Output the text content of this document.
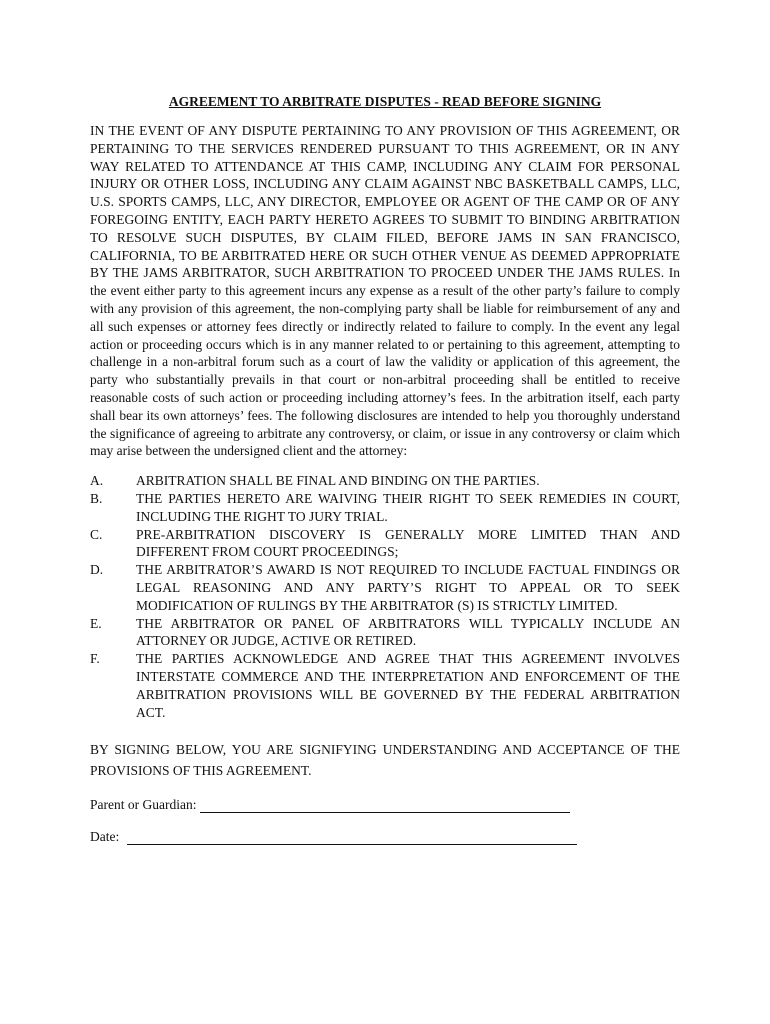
AGREEMENT TO ARBITRATE DISPUTES - READ BEFORE SIGNING

IN THE EVENT OF ANY DISPUTE PERTAINING TO ANY PROVISION OF THIS AGREEMENT, OR PERTAINING TO THE SERVICES RENDERED PURSUANT TO THIS AGREEMENT, OR IN ANY WAY RELATED TO ATTENDANCE AT THIS CAMP, INCLUDING ANY CLAIM FOR PERSONAL INJURY OR OTHER LOSS, INCLUDING ANY CLAIM AGAINST NBC BASKETBALL CAMPS, LLC, U.S. SPORTS CAMPS, LLC, ANY DIRECTOR, EMPLOYEE OR AGENT OF THE CAMP OR OF ANY FOREGOING ENTITY, EACH PARTY HERETO AGREES TO SUBMIT TO BINDING ARBITRATION TO RESOLVE SUCH DISPUTES, BY CLAIM FILED, BEFORE JAMS IN SAN FRANCISCO, CALIFORNIA, TO BE ARBITRATED HERE OR SUCH OTHER VENUE AS DEEMED APPROPRIATE BY THE JAMS ARBITRATOR, SUCH ARBITRATION TO PROCEED UNDER THE JAMS RULES. In the event either party to this agreement incurs any expense as a result of the other party’s failure to comply with any provision of this agreement, the non-complying party shall be liable for reimbursement of any and all such expenses or attorney fees directly or indirectly related to failure to comply. In the event any legal action or proceeding occurs which is in any manner related to or pertaining to this agreement, attempting to challenge in a non-arbitral forum such as a court of law the validity or application of this agreement, the party who substantially prevails in that court or non-arbitral proceeding shall be entitled to receive reasonable costs of such action or proceeding including attorney’s fees. In the arbitration itself, each party shall bear its own attorneys’ fees. The following disclosures are intended to help you thoroughly understand the significance of agreeing to arbitrate any controversy, or claim, or issue in any controversy or claim which may arise between the undersigned client and the attorney:

A.	ARBITRATION SHALL BE FINAL AND BINDING ON THE PARTIES.
B.	THE PARTIES HERETO ARE WAIVING THEIR RIGHT TO SEEK REMEDIES IN COURT, INCLUDING THE RIGHT TO JURY TRIAL.
C.	PRE-ARBITRATION DISCOVERY IS GENERALLY MORE LIMITED THAN AND DIFFERENT FROM COURT PROCEEDINGS;
D.	THE ARBITRATOR’S AWARD IS NOT REQUIRED TO INCLUDE FACTUAL FINDINGS OR LEGAL REASONING AND ANY PARTY’S RIGHT TO APPEAL OR TO SEEK MODIFICATION OF RULINGS BY THE ARBITRATOR (S) IS STRICTLY LIMITED.
E.	THE ARBITRATOR OR PANEL OF ARBITRATORS WILL TYPICALLY INCLUDE AN ATTORNEY OR JUDGE, ACTIVE OR RETIRED.
F.	THE PARTIES ACKNOWLEDGE AND AGREE THAT THIS AGREEMENT INVOLVES INTERSTATE COMMERCE AND THE INTERPRETATION AND ENFORCEMENT OF THE ARBITRATION PROVISIONS WILL BE GOVERNED BY THE FEDERAL ARBITRATION ACT.

BY SIGNING BELOW, YOU ARE SIGNIFYING UNDERSTANDING AND ACCEPTANCE OF THE PROVISIONS OF THIS AGREEMENT.

Parent or Guardian:
Date:
